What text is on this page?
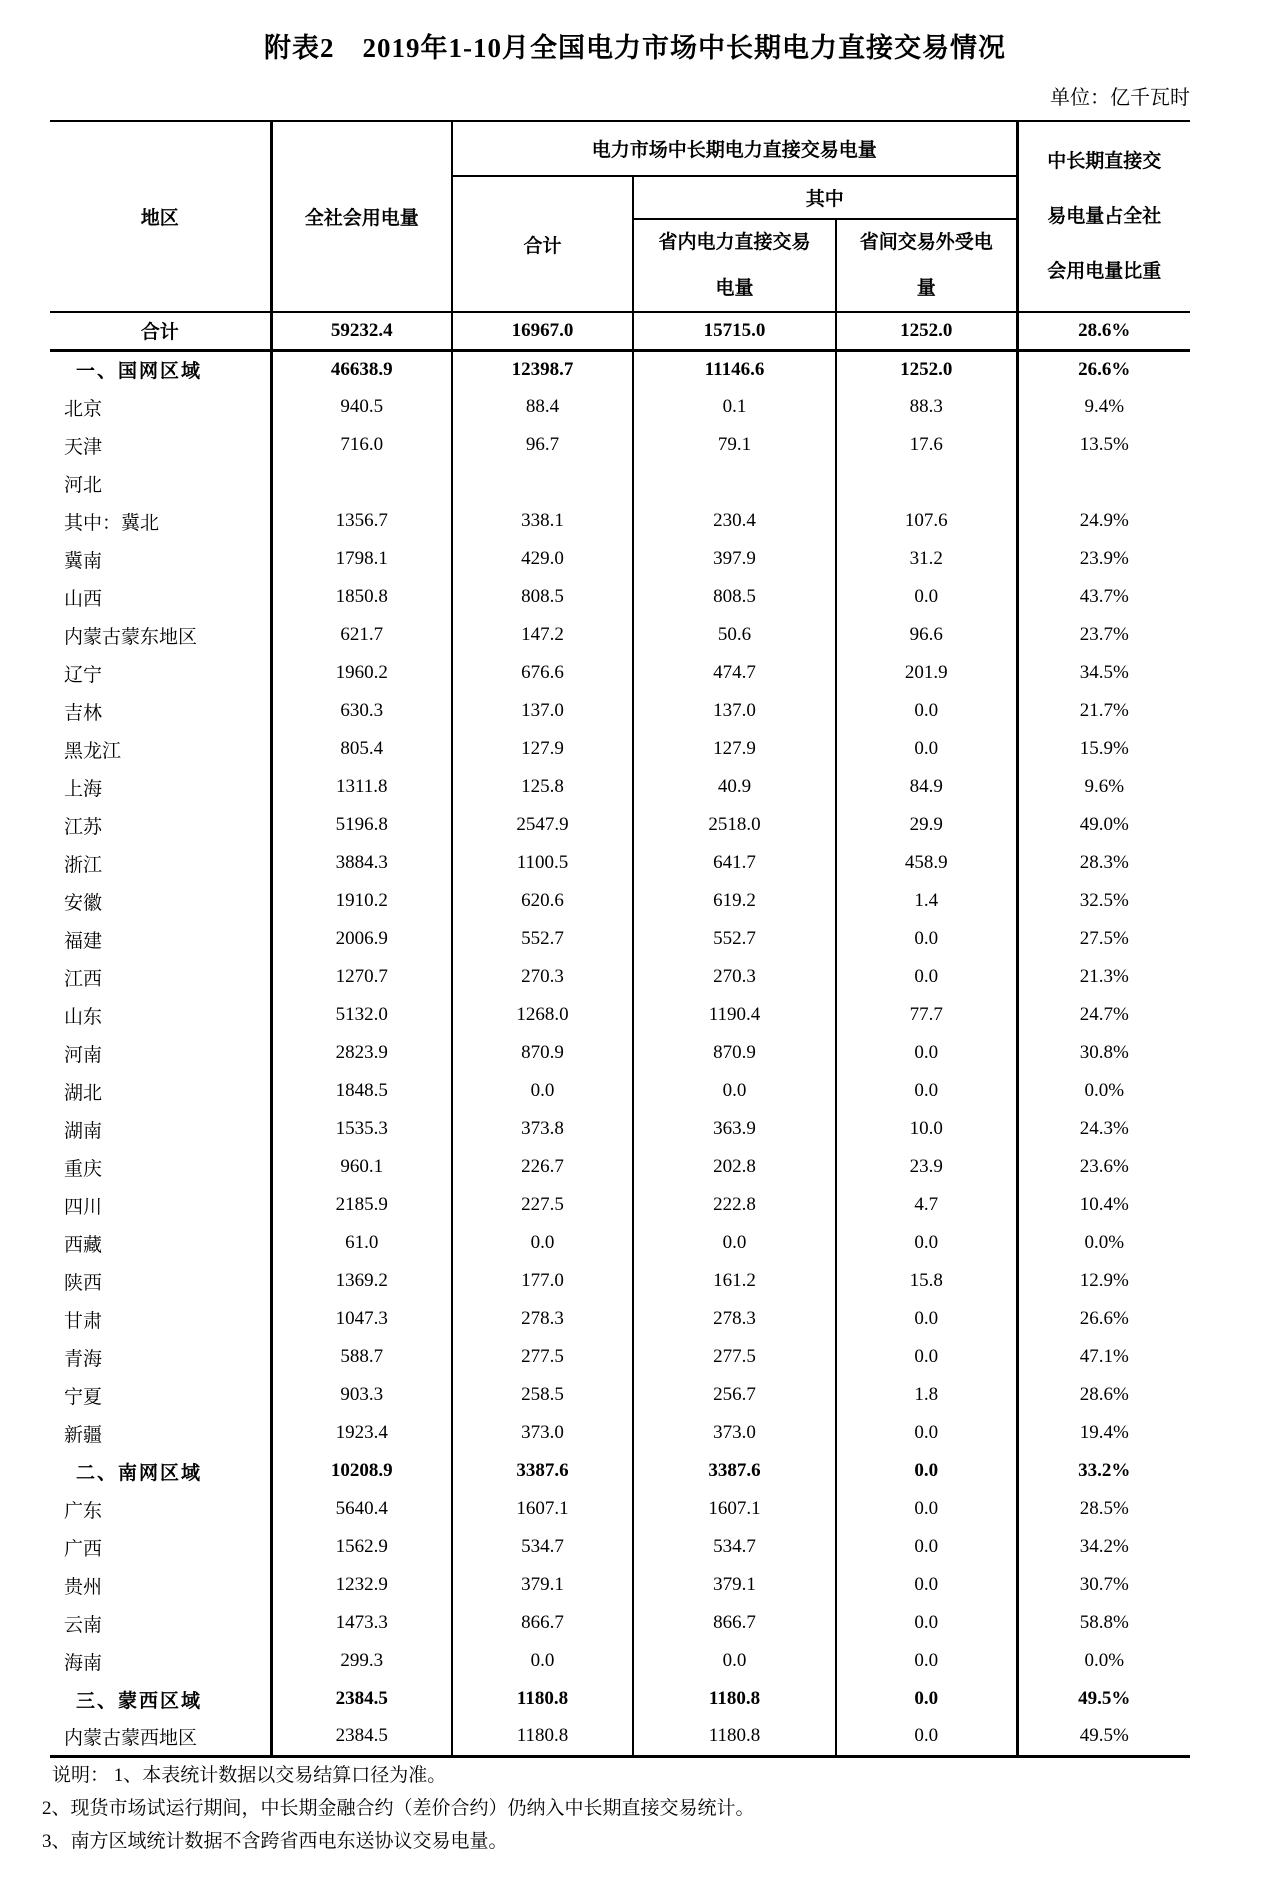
附表2　2019年1-10月全国电力市场中长期电力直接交易情况
单位：亿千瓦时
地区	全社会用电量	电力市场中长期电力直接交易电量			中长期直接交易电量占全社会用电量比重

		合计	其中		

			省内电力直接交易电量	省间交易外受电量	

合计	59232.4	16967.0	15715.0	1252.0	28.6%
一、国网区域	46638.9	12398.7	11146.6	1252.0	26.6%
北京	940.5	88.4	0.1	88.3	9.4%
天津	716.0	96.7	79.1	17.6	13.5%
河北					
其中：冀北	1356.7	338.1	230.4	107.6	24.9%
冀南	1798.1	429.0	397.9	31.2	23.9%
山西	1850.8	808.5	808.5	0.0	43.7%
内蒙古蒙东地区	621.7	147.2	50.6	96.6	23.7%
辽宁	1960.2	676.6	474.7	201.9	34.5%
吉林	630.3	137.0	137.0	0.0	21.7%
黑龙江	805.4	127.9	127.9	0.0	15.9%
上海	1311.8	125.8	40.9	84.9	9.6%
江苏	5196.8	2547.9	2518.0	29.9	49.0%
浙江	3884.3	1100.5	641.7	458.9	28.3%
安徽	1910.2	620.6	619.2	1.4	32.5%
福建	2006.9	552.7	552.7	0.0	27.5%
江西	1270.7	270.3	270.3	0.0	21.3%
山东	5132.0	1268.0	1190.4	77.7	24.7%
河南	2823.9	870.9	870.9	0.0	30.8%
湖北	1848.5	0.0	0.0	0.0	0.0%
湖南	1535.3	373.8	363.9	10.0	24.3%
重庆	960.1	226.7	202.8	23.9	23.6%
四川	2185.9	227.5	222.8	4.7	10.4%
西藏	61.0	0.0	0.0	0.0	0.0%
陕西	1369.2	177.0	161.2	15.8	12.9%
甘肃	1047.3	278.3	278.3	0.0	26.6%
青海	588.7	277.5	277.5	0.0	47.1%
宁夏	903.3	258.5	256.7	1.8	28.6%
新疆	1923.4	373.0	373.0	0.0	19.4%
二、南网区域	10208.9	3387.6	3387.6	0.0	33.2%
广东	5640.4	1607.1	1607.1	0.0	28.5%
广西	1562.9	534.7	534.7	0.0	34.2%
贵州	1232.9	379.1	379.1	0.0	30.7%
云南	1473.3	866.7	866.7	0.0	58.8%
海南	299.3	0.0	0.0	0.0	0.0%
三、蒙西区域	2384.5	1180.8	1180.8	0.0	49.5%
内蒙古蒙西地区	2384.5	1180.8	1180.8	0.0	49.5%
说明： 1、本表统计数据以交易结算口径为准。
2、现货市场试运行期间，中长期金融合约（差价合约）仍纳入中长期直接交易统计。
3、南方区域统计数据不含跨省西电东送协议交易电量。
